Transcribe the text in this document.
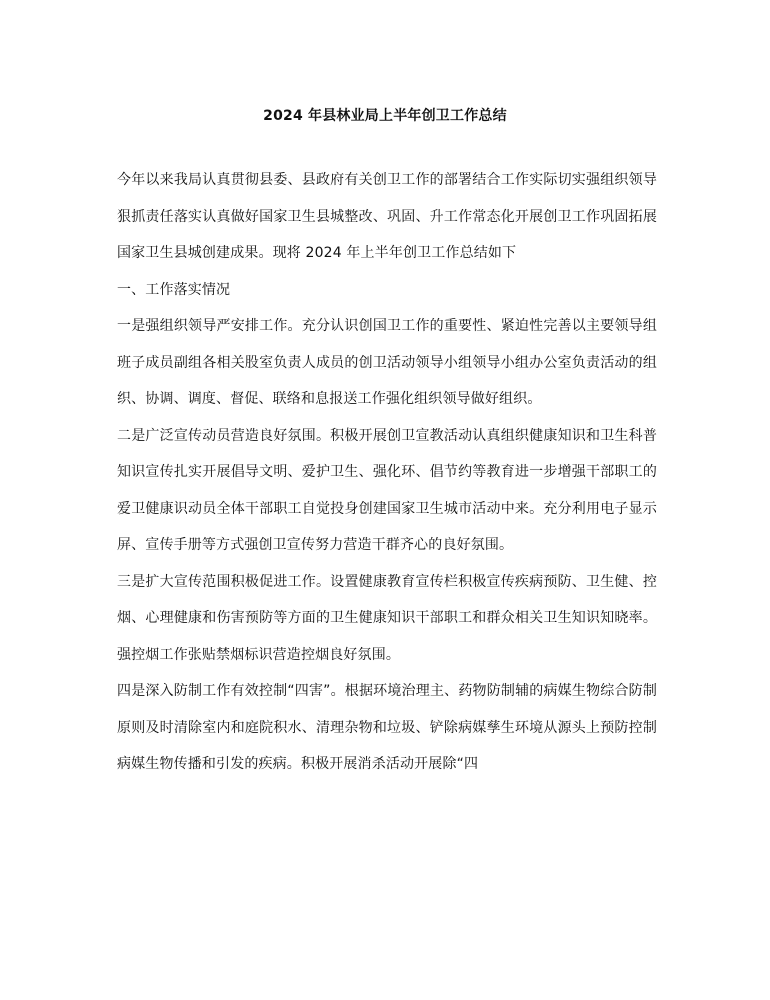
2024 年县林业局上半年创卫工作总结

今年以来我局认真贯彻县委、县政府有关创卫工作的部署结合工作实际切实强组织领导狠抓责任落实认真做好国家卫生县城整改、巩固、升工作常态化开展创卫工作巩固拓展国家卫生县城创建成果。现将 2024 年上半年创卫工作总结如下

一、工作落实情况

一是强组织领导严安排工作。充分认识创国卫工作的重要性、紧迫性完善以主要领导组班子成员副组各相关股室负责人成员的创卫活动领导小组领导小组办公室负责活动的组织、协调、调度、督促、联络和息报送工作强化组织领导做好组织。

二是广泛宣传动员营造良好氛围。积极开展创卫宣教活动认真组织健康知识和卫生科普知识宣传扎实开展倡导文明、爱护卫生、强化环、倡节约等教育进一步增强干部职工的爱卫健康识动员全体干部职工自觉投身创建国家卫生城市活动中来。充分利用电子显示屏、宣传手册等方式强创卫宣传努力营造干群齐心的良好氛围。

三是扩大宣传范围积极促进工作。设置健康教育宣传栏积极宣传疾病预防、卫生健、控烟、心理健康和伤害预防等方面的卫生健康知识干部职工和群众相关卫生知识知晓率。强控烟工作张贴禁烟标识营造控烟良好氛围。

四是深入防制工作有效控制“四害”。根据环境治理主、药物防制辅的病媒生物综合防制原则及时清除室内和庭院积水、清理杂物和垃圾、铲除病媒孳生环境从源头上预防控制病媒生物传播和引发的疾病。积极开展消杀活动开展除“四
